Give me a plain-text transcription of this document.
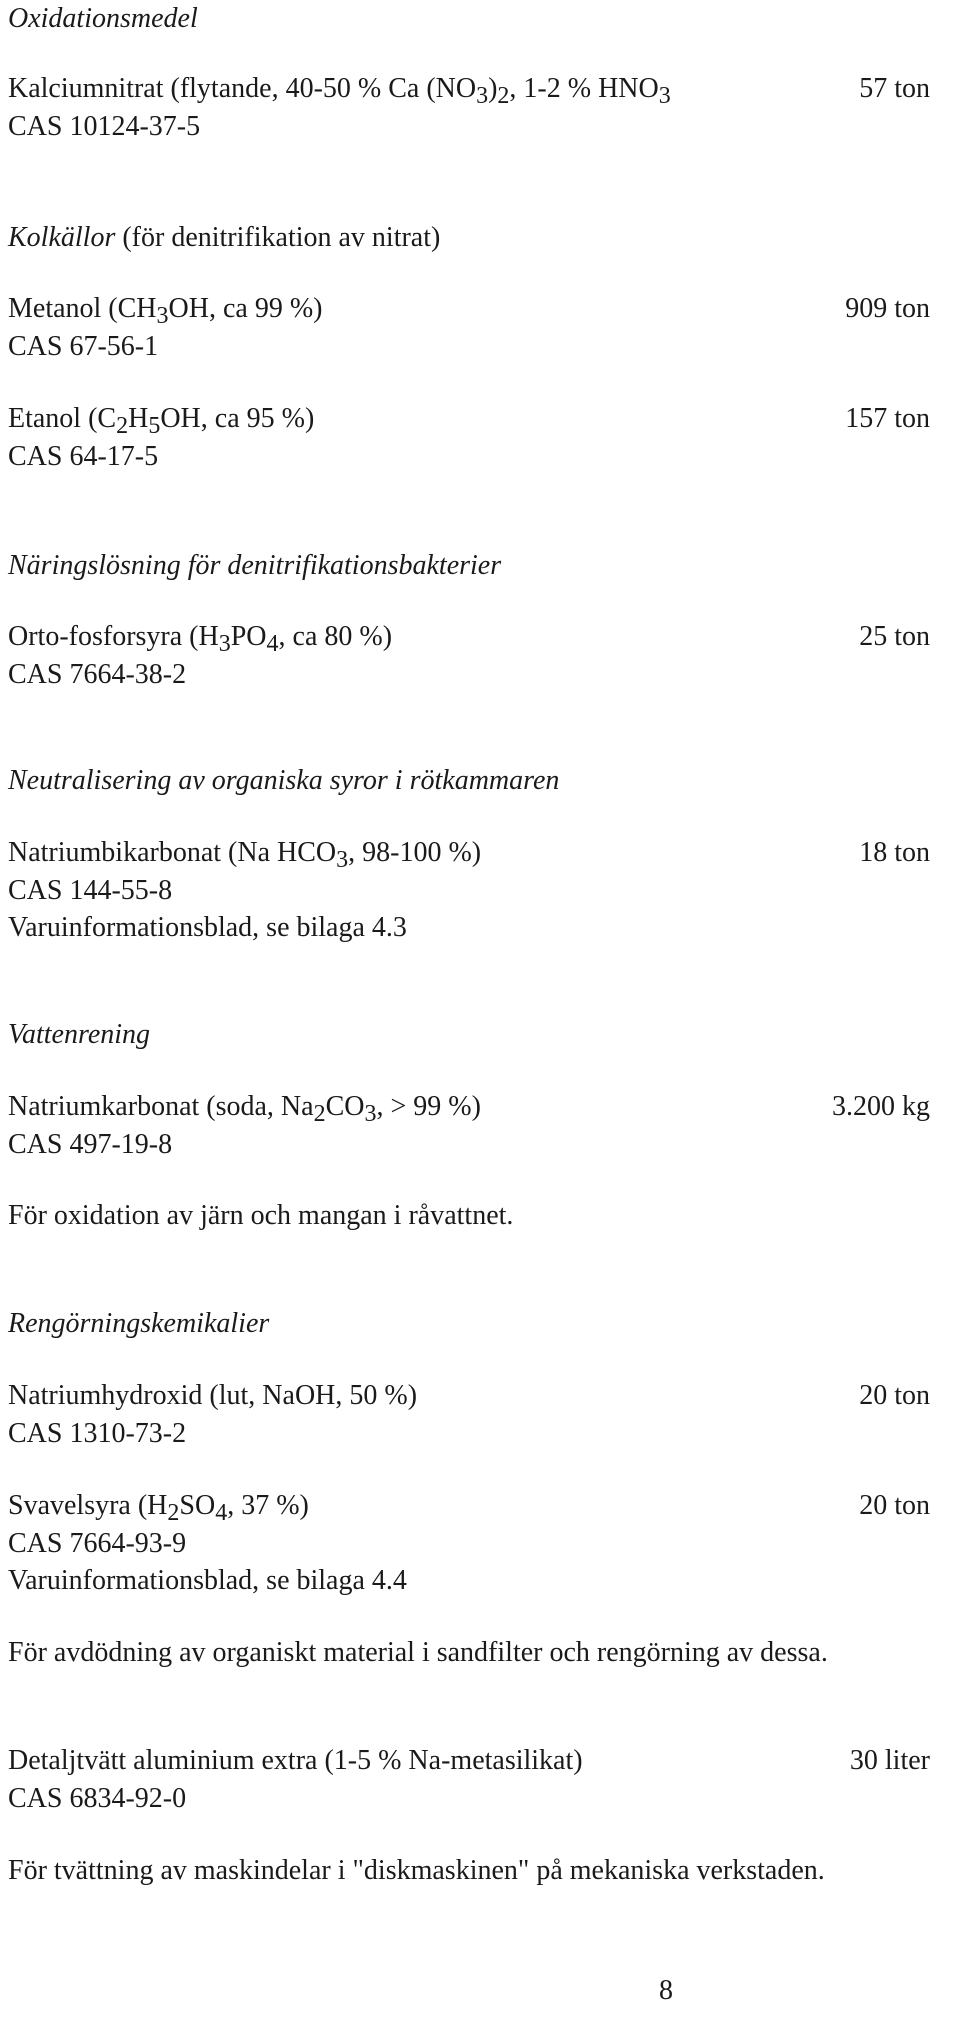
Oxidationsmedel
Kalciumnitrat (flytande, 40-50 % Ca (NO3)2, 1-2 % HNO3	57 ton
CAS 10124-37-5
Kolkällor (för denitrifikation av nitrat)
Metanol (CH3OH, ca 99 %)	909 ton
CAS 67-56-1
Etanol (C2H5OH, ca 95 %)	157 ton
CAS 64-17-5
Näringslösning för denitrifikationsbakterier
Orto-fosforsyra (H3PO4, ca 80 %)	25 ton
CAS 7664-38-2
Neutralisering av organiska syror i rötkammaren
Natriumbikarbonat (Na HCO3, 98-100 %)	18 ton
CAS 144-55-8
Varuinformationsblad, se bilaga 4.3
Vattenrening
Natriumkarbonat (soda, Na2CO3, > 99 %)	3.200 kg
CAS 497-19-8
För oxidation av järn och mangan i råvattnet.
Rengörningskemikalier
Natriumhydroxid (lut, NaOH, 50 %)	20 ton
CAS 1310-73-2
Svavelsyra (H2SO4, 37 %)	20 ton
CAS 7664-93-9
Varuinformationsblad, se bilaga 4.4
För avdödning av organiskt material i sandfilter och rengörning av dessa.
Detaljtvätt aluminium extra (1-5 % Na-metasilikat)	30 liter
CAS 6834-92-0
För tvättning av maskindelar i "diskmaskinen" på mekaniska verkstaden.
8
